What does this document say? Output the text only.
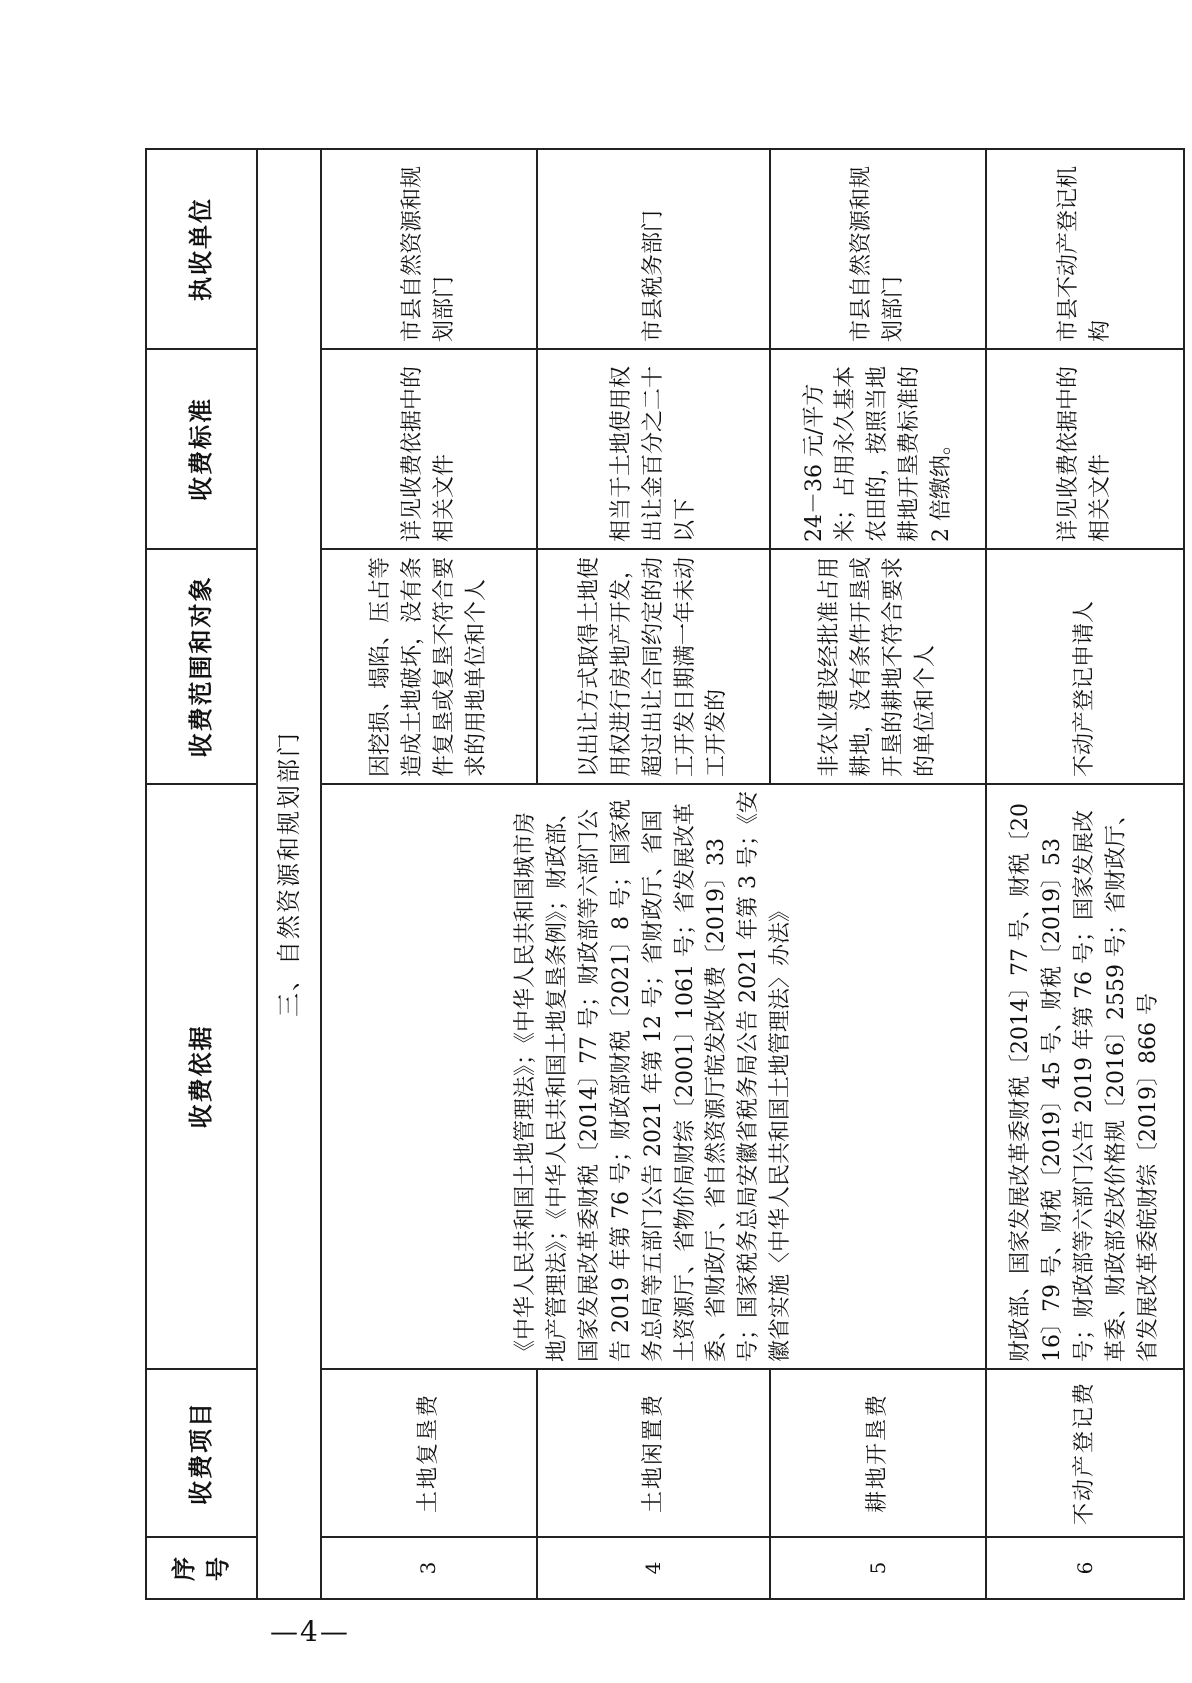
序号	收费项目	收费依据	收费范围和对象	收费标准	执收单位
三、自然资源和规划部门					
3	土地复垦费	《中华人民共和国土地管理法》；《中华人民共和国城市房地产管理法》；《中华人民共和国土地复垦条例》；财政部、国家发展改革委财税〔2014〕77 号；财政部等六部门公告 2019 年第 76 号；财政部财税〔2021〕8 号；国家税务总局等五部门公告 2021 年第 12 号；省财政厅、省国土资源厅、省物价局财综〔2001〕1061 号；省发展改革委、省财政厅、省自然资源厅皖发改收费〔2019〕33 号；国家税务总局安徽省税务局公告 2021 年第 3 号；《安徽省实施〈中华人民共和国土地管理法〉办法》	因挖损、塌陷、压占等造成土地破坏，没有条件复垦或复垦不符合要求的用地单位和个人	详见收费依据中的相关文件	市县自然资源和规划部门
4	土地闲置费		以出让方式取得土地使用权进行房地产开发，超过出让合同约定的动工开发日期满一年未动工开发的	相当于土地使用权出让金百分之二十以下	市县税务部门
5	耕地开垦费		非农业建设经批准占用耕地，没有条件开垦或开垦的耕地不符合要求的单位和个人	24－36 元/平方米；占用永久基本农田的，按照当地耕地开垦费标准的 2 倍缴纳。	市县自然资源和规划部门
6	不动产登记费	财政部、国家发展改革委财税〔2014〕77 号、财税〔2016〕79 号、财税〔2019〕45 号、财税〔2019〕53 号；财政部等六部门公告 2019 年第 76 号；国家发展改革委、财政部发改价格规〔2016〕2559 号；省财政厅、省发展改革委皖财综〔2019〕866 号	不动产登记申请人	详见收费依据中的相关文件	市县不动产登记机构
—4—
